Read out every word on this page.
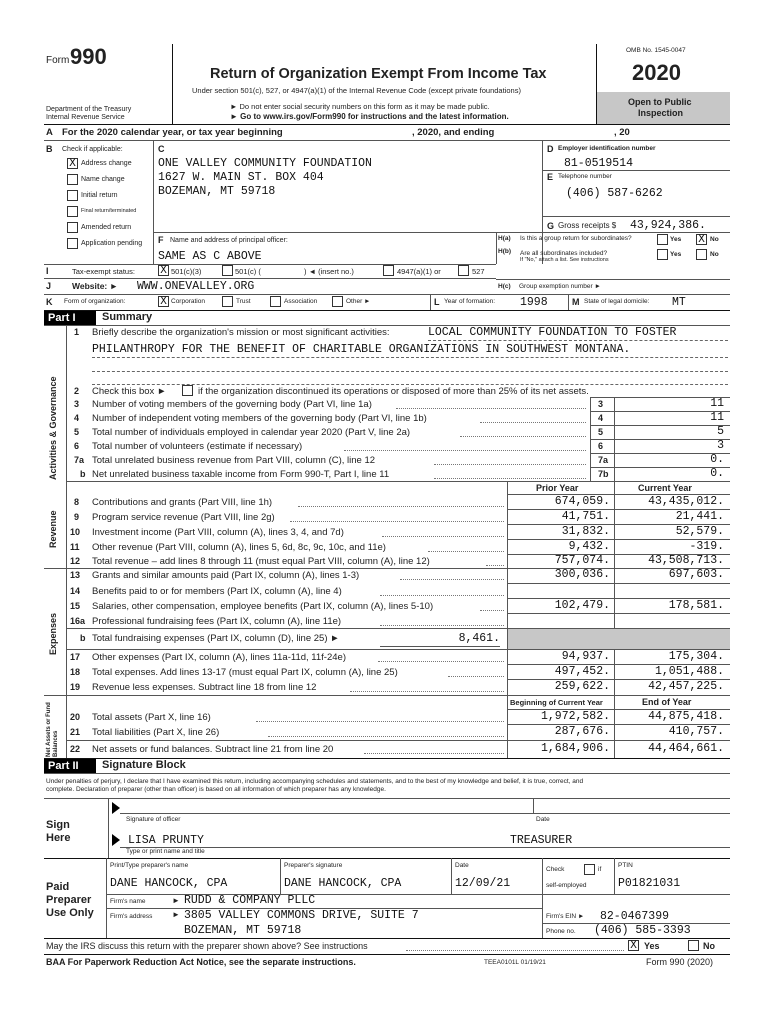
Form 990
Department of the Treasury
Internal Revenue Service
Return of Organization Exempt From Income Tax
Under section 501(c), 527, or 4947(a)(1) of the Internal Revenue Code (except private foundations)
► Do not enter social security numbers on this form as it may be made public.
► Go to www.irs.gov/Form990 for instructions and the latest information.
OMB No. 1545-0047
2020
Open to Public
Inspection
A For the 2020 calendar year, or tax year beginning	, 2020, and ending	, 20
B Check if applicable:	C
X Address change
Name change
Initial return
Final return/terminated
Amended return
Application pending
ONE VALLEY COMMUNITY FOUNDATION
1627 W. MAIN ST. BOX 404
BOZEMAN, MT 59718
D Employer identification number
81-0519514
E Telephone number
(406) 587-6262
G Gross receipts $ 43,924,386.
F Name and address of principal officer:
SAME AS C ABOVE
H(a) Is this a group return for subordinates?	Yes X No
H(b) Are all subordinates included?
If "No," attach a list. See instructions
Yes	No
I	Tax-exempt status: X 501(c)(3)	501(c) (	) ◄ (insert no.)	4947(a)(1) or	527
J Website: ► WWW.ONEVALLEY.ORG	H(c) Group exemption number ►
K Form of organization:	X Corporation	Trust	Association	Other ►	L Year of formation: 1998	M State of legal domicile: MT
Part I	Summary
Activities & Governance
Revenue
Expenses
Net Assets or Fund Balances
1 Briefly describe the organization's mission or most significant activities:	LOCAL COMMUNITY FOUNDATION TO FOSTER
PHILANTHROPY FOR THE BENEFIT OF CHARITABLE ORGANIZATIONS IN SOUTHWEST MONTANA.
2 Check this box ►	if the organization discontinued its operations or disposed of more than 25% of its net assets.
3 Number of voting members of the governing body (Part VI, line 1a)	3	11
4 Number of independent voting members of the governing body (Part VI, line 1b)	4	11
5 Total number of individuals employed in calendar year 2020 (Part V, line 2a)	5	5
6 Total number of volunteers (estimate if necessary)	6	3
7a Total unrelated business revenue from Part VIII, column (C), line 12	7a	0.
b Net unrelated business taxable income from Form 990-T, Part I, line 11	7b	0.
Prior Year	Current Year
8 Contributions and grants (Part VIII, line 1h)	674,059.	43,435,012.
9 Program service revenue (Part VIII, line 2g)	41,751.	21,441.
10 Investment income (Part VIII, column (A), lines 3, 4, and 7d)	31,832.	52,579.
11 Other revenue (Part VIII, column (A), lines 5, 6d, 8c, 9c, 10c, and 11e)	9,432.	-319.
12 Total revenue – add lines 8 through 11 (must equal Part VIII, column (A), line 12)	757,074.	43,508,713.
13 Grants and similar amounts paid (Part IX, column (A), lines 1-3)	300,036.	697,603.
14 Benefits paid to or for members (Part IX, column (A), line 4)
15 Salaries, other compensation, employee benefits (Part IX, column (A), lines 5-10)	102,479.	178,581.
16a Professional fundraising fees (Part IX, column (A), line 11e)
b Total fundraising expenses (Part IX, column (D), line 25) ►	8,461.
17 Other expenses (Part IX, column (A), lines 11a-11d, 11f-24e)	94,937.	175,304.
18 Total expenses. Add lines 13-17 (must equal Part IX, column (A), line 25)	497,452.	1,051,488.
19 Revenue less expenses. Subtract line 18 from line 12	259,622.	42,457,225.
Beginning of Current Year	End of Year
20 Total assets (Part X, line 16)	1,972,582.	44,875,418.
21 Total liabilities (Part X, line 26)	287,676.	410,757.
22 Net assets or fund balances. Subtract line 21 from line 20	1,684,906.	44,464,661.
Part II	Signature Block
Under penalties of perjury, I declare that I have examined this return, including accompanying schedules and statements, and to the best of my knowledge and belief, it is true, correct, and
complete. Declaration of preparer (other than officer) is based on all information of which preparer has any knowledge.
Sign
Here
Signature of officer	Date
LISA PRUNTY	TREASURER
Type or print name and title
Paid
Preparer
Use Only
Print/Type preparer's name	Preparer's signature	Date
Check	if
self-employed
PTIN
DANE HANCOCK, CPA	DANE HANCOCK, CPA	12/09/21	P01821031
Firm's name	► RUDD & COMPANY PLLC
Firm's EIN ► 82-0467399
Firm's address ► 3805 VALLEY COMMONS DRIVE, SUITE 7
BOZEMAN, MT 59718	Phone no. (406) 585-3393
May the IRS discuss this return with the preparer shown above? See instructions	X Yes	No
BAA For Paperwork Reduction Act Notice, see the separate instructions.	TEEA0101L 01/19/21	Form 990 (2020)
